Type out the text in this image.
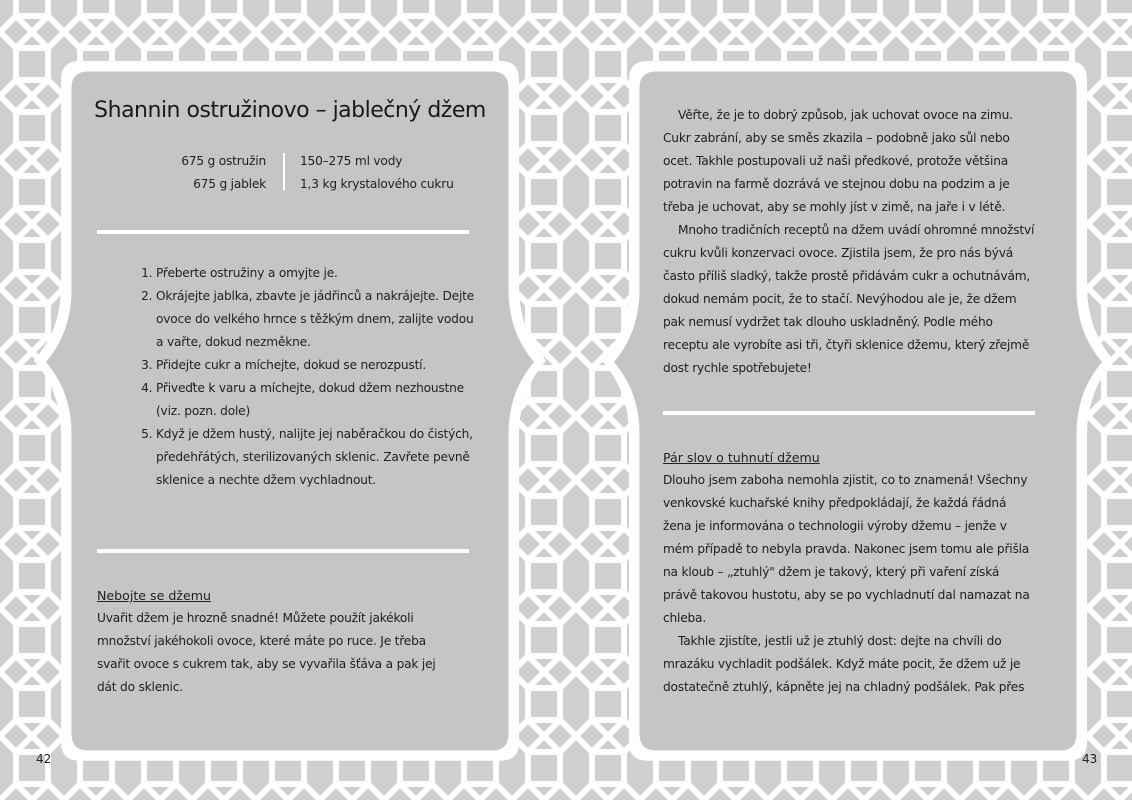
Shannin ostružinovo – jablečný džem
675 g ostružin
675 g jablek
150–275 ml vody
1,3 kg krystalového cukru
1. Přeberte ostružiny a omyjte je.
2. Okrájejte jablka, zbavte je jádřinců a nakrájejte. Dejte ovoce do velkého hrnce s těžkým dnem, zalijte vodou a vařte, dokud nezměkne.
3. Přidejte cukr a míchejte, dokud se nerozpustí.
4. Přiveďte k varu a míchejte, dokud džem nezhoustne (viz. pozn. dole)
5. Když je džem hustý, nalijte jej naběračkou do čistých, předehřátých, sterilizovaných sklenic. Zavřete pevně sklenice a nechte džem vychladnout.
Nebojte se džemu
Uvařit džem je hrozně snadné! Můžete použít jakékoli množství jakéhokoli ovoce, které máte po ruce. Je třeba svařit ovoce s cukrem tak, aby se vyvařila šťáva a pak jej dát do sklenic.
42

Věřte, že je to dobrý způsob, jak uchovat ovoce na zimu. Cukr zabrání, aby se směs zkazila – podobně jako sůl nebo ocet. Takhle postupovali už naši předkové, protože většina potravin na farmě dozrává ve stejnou dobu na podzim a je třeba je uchovat, aby se mohly jíst v zimě, na jaře i v létě.

Mnoho tradičních receptů na džem uvádí ohromné množství cukru kvůli konzervaci ovoce. Zjistila jsem, že pro nás bývá často příliš sladký, takže prostě přidávám cukr a ochutnávám, dokud nemám pocit, že to stačí. Nevýhodou ale je, že džem pak nemusí vydržet tak dlouho uskladněný. Podle mého receptu ale vyrobíte asi tři, čtyři sklenice džemu, který zřejmě dost rychle spotřebujete!

Pár slov o tuhnutí džemu

Dlouho jsem zaboha nemohla zjistit, co to znamená! Všechny venkovské kuchařské knihy předpokládají, že každá řádná žena je informována o technologii výroby džemu – jenže v mém případě to nebyla pravda. Nakonec jsem tomu ale přišla na kloub – „ztuhlý" džem je takový, který při vaření získá právě takovou hustotu, aby se po vychladnutí dal namazat na chleba.

Takhle zjistíte, jestli už je ztuhlý dost: dejte na chvíli do mrazáku vychladit podšálek. Když máte pocit, že džem už je dostatečně ztuhlý, kápněte jej na chladný podšálek. Pak přes

43
